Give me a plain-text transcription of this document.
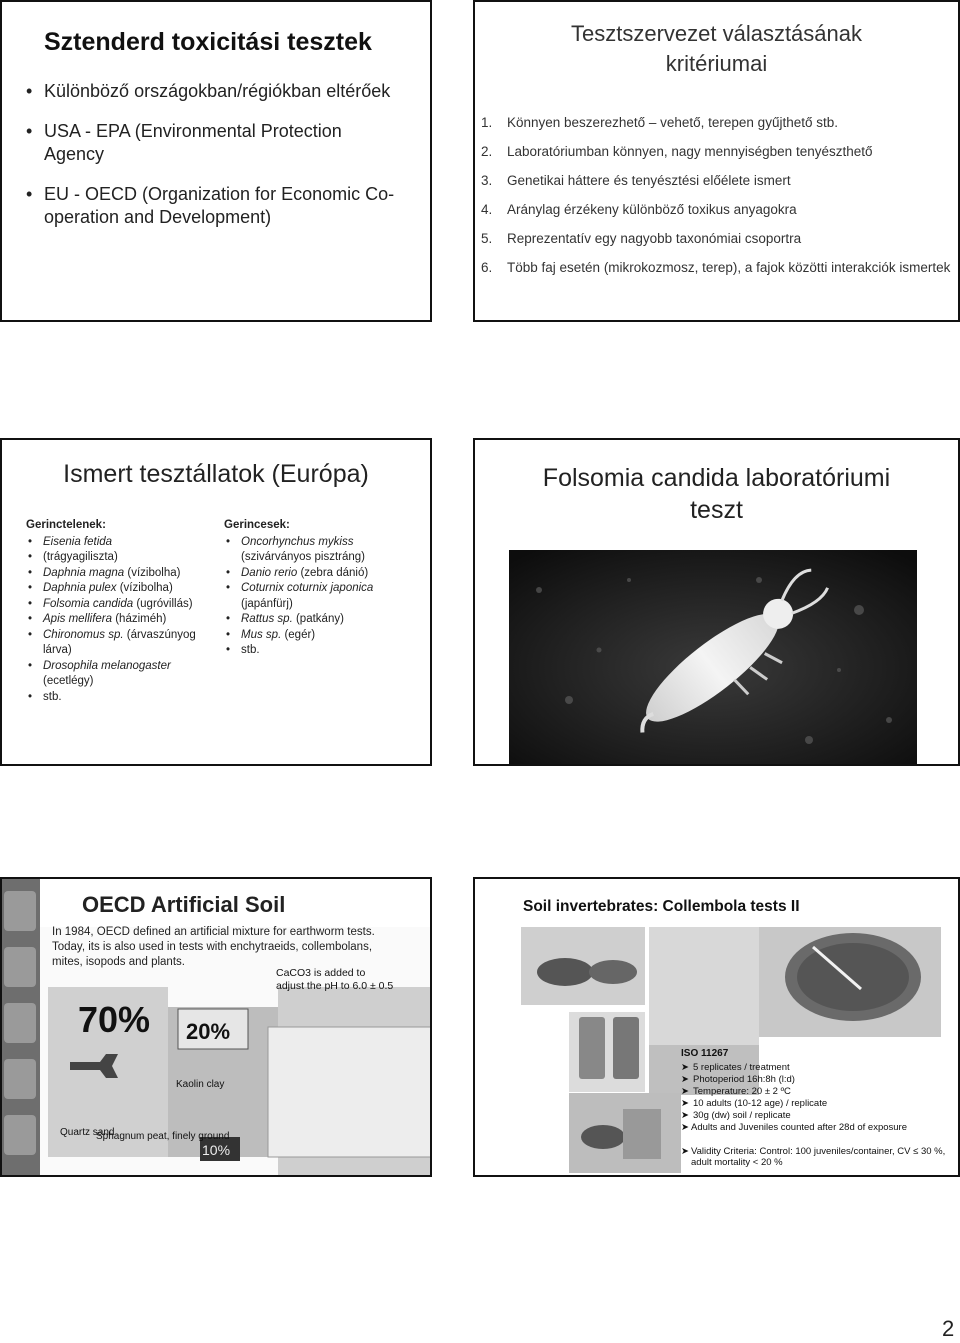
Sztenderd toxicitási tesztek
• Különböző országokban/régiókban eltérőek
• USA - EPA (Environmental Protection Agency
• EU - OECD (Organization for Economic Co-operation and Development)
Tesztszervezet választásának
kritériumai
1. Könnyen beszerezhető – vehető, terepen gyűjthető stb.
2. Laboratóriumban könnyen, nagy mennyiségben tenyészthető
3. Genetikai háttere és tenyésztési előélete ismert
4. Aránylag érzékeny különböző toxikus anyagokra
5. Reprezentatív egy nagyobb taxonómiai csoportra
6. Több faj esetén (mikrokozmosz, terep), a fajok közötti interakciók ismertek
Ismert tesztállatok (Európa)
Gerinctelenek:
• Eisenia fetida
• (trágyagiliszta)
• Daphnia magna (vízibolha)
• Daphnia pulex (vízibolha)
• Folsomia candida (ugróvillás)
• Apis mellifera (háziméh)
• Chironomus sp. (árvaszúnyog lárva)
• Drosophila melanogaster (ecetlégy)
• stb.
Gerincesek:
• Oncorhynchus mykiss (szivárványos pisztráng)
• Danio rerio (zebra dánió)
• Coturnix coturnix japonica (japánfürj)
• Rattus sp. (patkány)
• Mus sp. (egér)
• stb.
Folsomia candida laboratóriumi
teszt
OECD Artificial Soil
In 1984, OECD defined an artificial mixture for earthworm tests. Today, its is also used in tests with enchytraeids, collembolans, mites, isopods and plants.
70%
Quartz sand
20%
Kaolin clay
10%
Sphagnum peat, finely ground
CaCO3 is added to adjust the pH to 6.0 ± 0.5
Soil invertebrates: Collembola tests II
ISO 11267
➤ 5 replicates / treatment
➤ Photoperiod 16h:8h (l:d)
➤ Temperature: 20 ± 2 ºC
➤ 10 adults (10-12 age) / replicate
➤ 30g (dw) soil / replicate
➤
➤
Adults and Juveniles counted after 28d of exposure
Validity Criteria: Control: 100 juveniles/container, CV ≤ 30 %, adult mortality < 20 %
2
